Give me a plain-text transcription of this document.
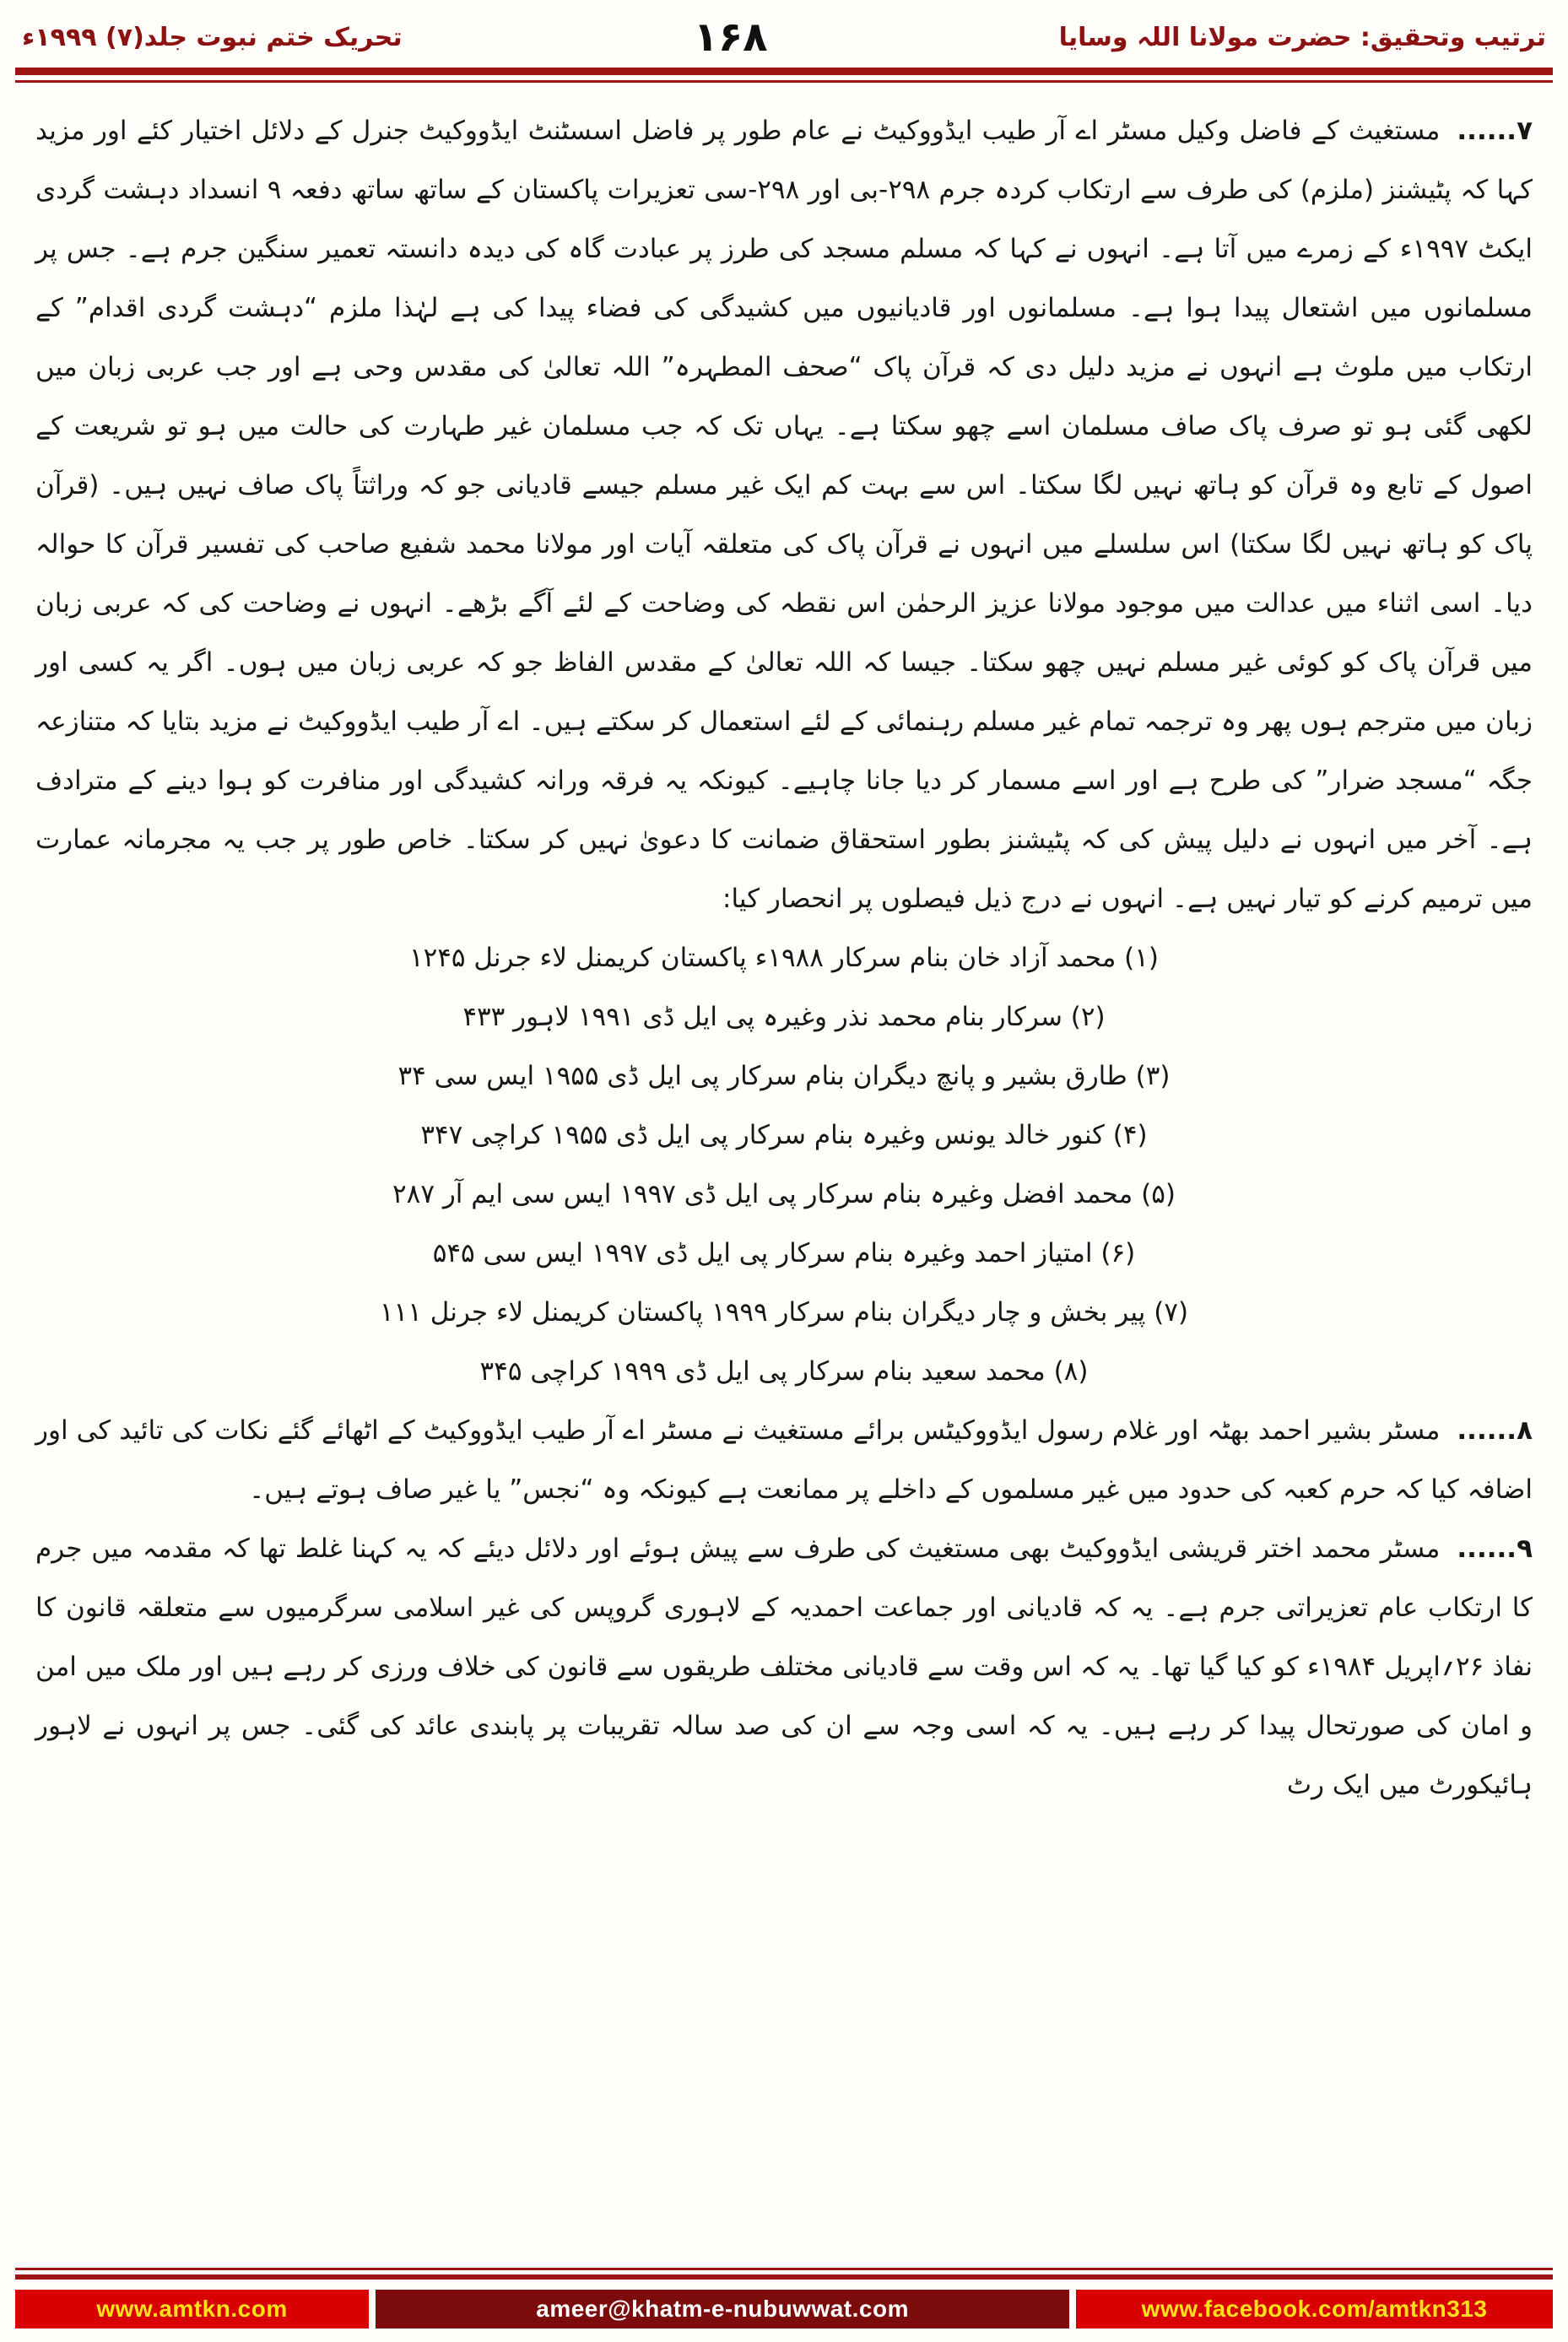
تحریک ختم نبوت جلد(۷) ۱۹۹۹ء	۱۶۸	ترتیب وتحقیق: حضرت مولانا اللہ وسایا

۷......مستغیث کے فاضل وکیل مسٹر اے آر طیب ایڈووکیٹ نے عام طور پر فاضل اسسٹنٹ ایڈووکیٹ جنرل کے دلائل اختیار کئے اور مزید کہا کہ پٹیشنز (ملزم) کی طرف سے ارتکاب کردہ جرم ۲۹۸-بی اور ۲۹۸-سی تعزیرات پاکستان کے ساتھ ساتھ دفعہ ۹ انسداد دہشت گردی ایکٹ ۱۹۹۷ء کے زمرے میں آتا ہے۔ انہوں نے کہا کہ مسلم مسجد کی طرز پر عبادت گاہ کی دیدہ دانستہ تعمیر سنگین جرم ہے۔ جس پر مسلمانوں میں اشتعال پیدا ہوا ہے۔ مسلمانوں اور قادیانیوں میں کشیدگی کی فضاء پیدا کی ہے لہٰذا ملزم “دہشت گردی اقدام” کے ارتکاب میں ملوث ہے انہوں نے مزید دلیل دی کہ قرآن پاک “صحف المطہرہ” اللہ تعالیٰ کی مقدس وحی ہے اور جب عربی زبان میں لکھی گئی ہو تو صرف پاک صاف مسلمان اسے چھو سکتا ہے۔ یہاں تک کہ جب مسلمان غیر طہارت کی حالت میں ہو تو شریعت کے اصول کے تابع وہ قرآن کو ہاتھ نہیں لگا سکتا۔ اس سے بہت کم ایک غیر مسلم جیسے قادیانی جو کہ وراثتاً پاک صاف نہیں ہیں۔ (قرآن پاک کو ہاتھ نہیں لگا سکتا) اس سلسلے میں انہوں نے قرآن پاک کی متعلقہ آیات اور مولانا محمد شفیع صاحب کی تفسیر قرآن کا حوالہ دیا۔ اسی اثناء میں عدالت میں موجود مولانا عزیز الرحمٰن اس نقطہ کی وضاحت کے لئے آگے بڑھے۔ انہوں نے وضاحت کی کہ عربی زبان میں قرآن پاک کو کوئی غیر مسلم نہیں چھو سکتا۔ جیسا کہ اللہ تعالیٰ کے مقدس الفاظ جو کہ عربی زبان میں ہوں۔ اگر یہ کسی اور زبان میں مترجم ہوں پھر وہ ترجمہ تمام غیر مسلم رہنمائی کے لئے استعمال کر سکتے ہیں۔ اے آر طیب ایڈووکیٹ نے مزید بتایا کہ متنازعہ جگہ “مسجد ضرار” کی طرح ہے اور اسے مسمار کر دیا جانا چاہیے۔ کیونکہ یہ فرقہ ورانہ کشیدگی اور منافرت کو ہوا دینے کے مترادف ہے۔ آخر میں انہوں نے دلیل پیش کی کہ پٹیشنز بطور استحقاق ضمانت کا دعویٰ نہیں کر سکتا۔ خاص طور پر جب یہ مجرمانہ عمارت میں ترمیم کرنے کو تیار نہیں ہے۔ انہوں نے درج ذیل فیصلوں پر انحصار کیا:

(۱) محمد آزاد خان بنام سرکار ۱۹۸۸ء پاکستان کریمنل لاء جرنل ۱۲۴۵
(۲) سرکار بنام محمد نذر وغیرہ پی ایل ڈی ۱۹۹۱ لاہور ۴۳۳
(۳) طارق بشیر و پانچ دیگران بنام سرکار پی ایل ڈی ۱۹۵۵ ایس سی ۳۴
(۴) کنور خالد یونس وغیرہ بنام سرکار پی ایل ڈی ۱۹۵۵ کراچی ۳۴۷
(۵) محمد افضل وغیرہ بنام سرکار پی ایل ڈی ۱۹۹۷ ایس سی ایم آر ۲۸۷
(۶) امتیاز احمد وغیرہ بنام سرکار پی ایل ڈی ۱۹۹۷ ایس سی ۵۴۵
(۷) پیر بخش و چار دیگران بنام سرکار ۱۹۹۹ پاکستان کریمنل لاء جرنل ۱۱۱
(۸) محمد سعید بنام سرکار پی ایل ڈی ۱۹۹۹ کراچی ۳۴۵

۸......مسٹر بشیر احمد بھٹہ اور غلام رسول ایڈووکیٹس برائے مستغیث نے مسٹر اے آر طیب ایڈووکیٹ کے اٹھائے گئے نکات کی تائید کی اور اضافہ کیا کہ حرم کعبہ کی حدود میں غیر مسلموں کے داخلے پر ممانعت ہے کیونکہ وہ “نجس” یا غیر صاف ہوتے ہیں۔

۹......مسٹر محمد اختر قریشی ایڈووکیٹ بھی مستغیث کی طرف سے پیش ہوئے اور دلائل دیئے کہ یہ کہنا غلط تھا کہ مقدمہ میں جرم کا ارتکاب عام تعزیراتی جرم ہے۔ یہ کہ قادیانی اور جماعت احمدیہ کے لاہوری گروپس کی غیر اسلامی سرگرمیوں سے متعلقہ قانون کا نفاذ ۲۶؍اپریل ۱۹۸۴ء کو کیا گیا تھا۔ یہ کہ اس وقت سے قادیانی مختلف طریقوں سے قانون کی خلاف ورزی کر رہے ہیں اور ملک میں امن و امان کی صورتحال پیدا کر رہے ہیں۔ یہ کہ اسی وجہ سے ان کی صد سالہ تقریبات پر پابندی عائد کی گئی۔ جس پر انہوں نے لاہور ہائیکورٹ میں ایک رٹ

www.amtkn.com	ameer@khatm-e-nubuwwat.com	www.facebook.com/amtkn313
